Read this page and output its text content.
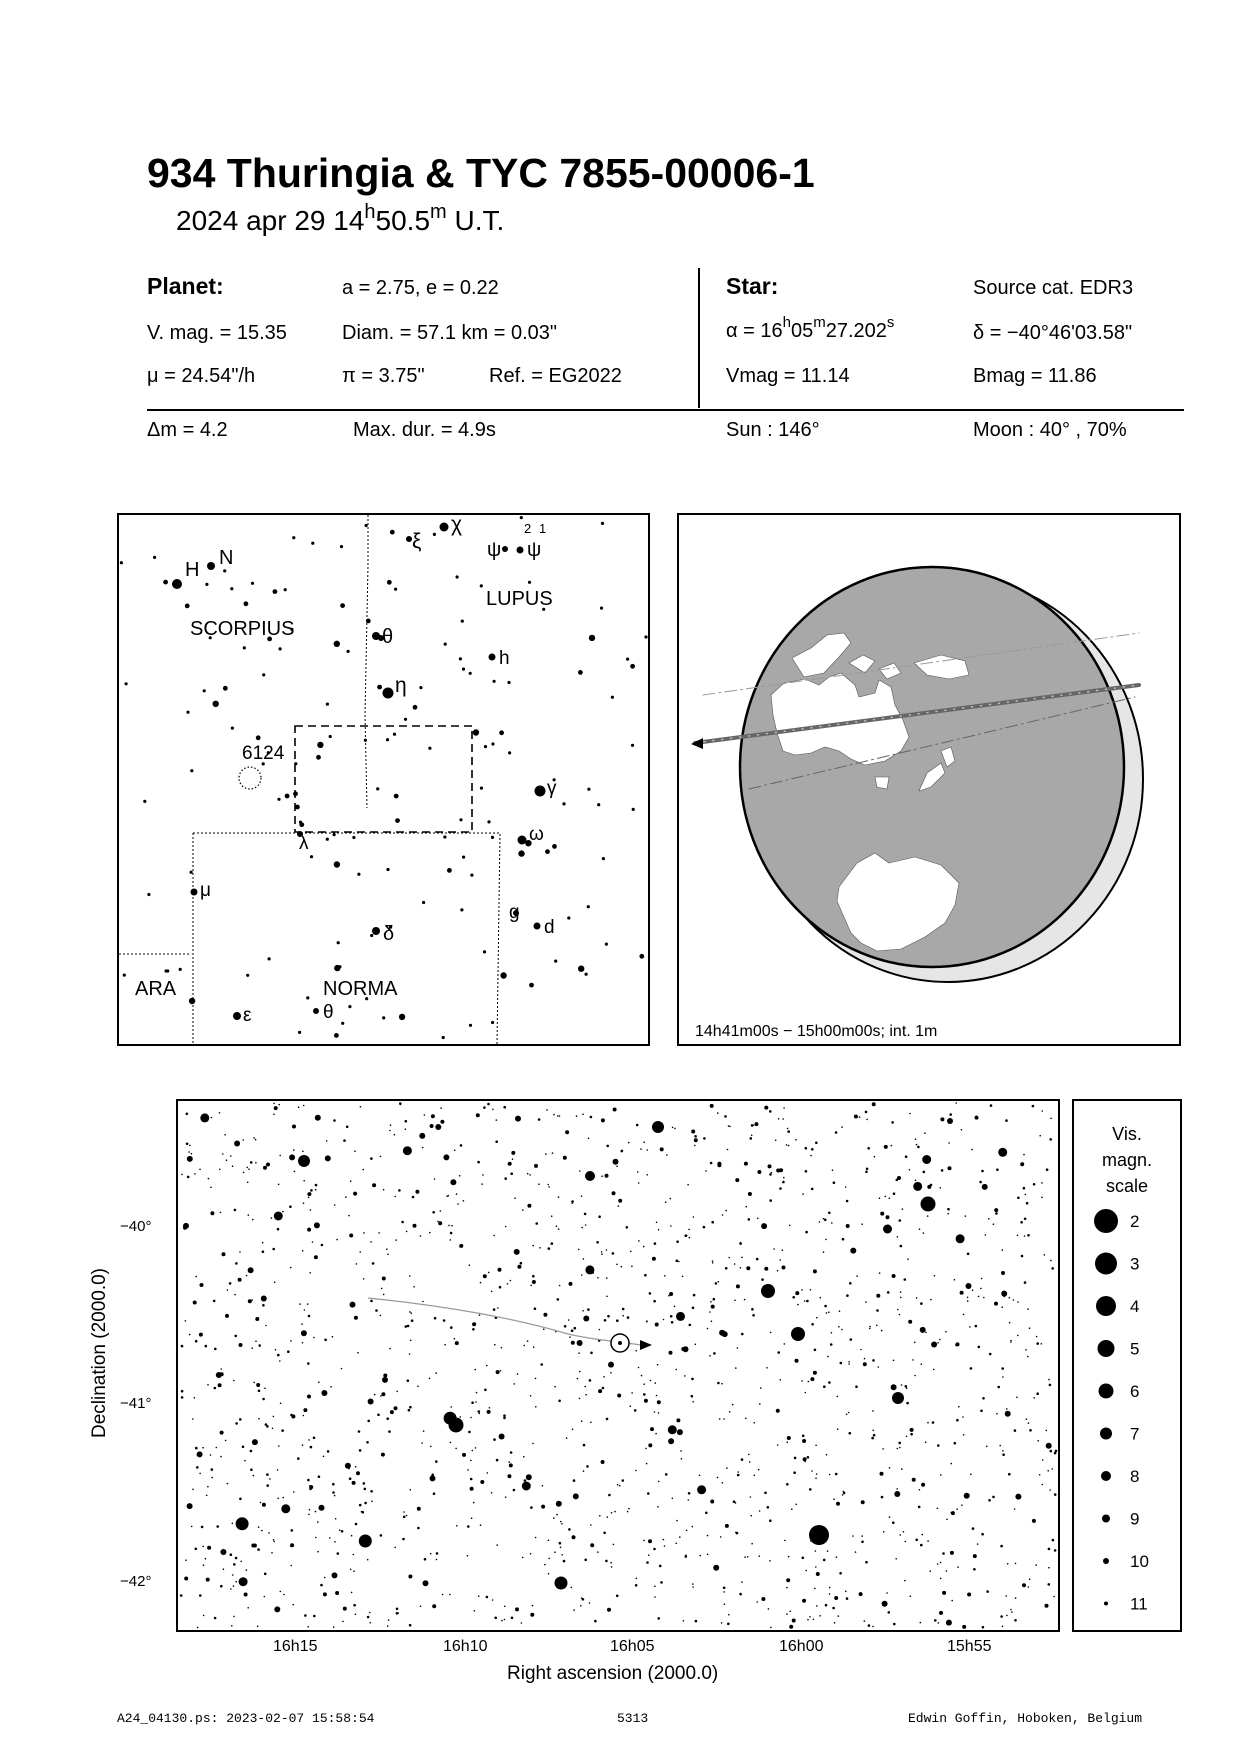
934 Thuringia & TYC 7855-00006-1
2024 apr 29 14$^h$50.5$^m$ U.T.
Planet:	a = 2.75, e = 0.22
V. mag. = 15.35	Diam. = 57.1 km = 0.03"
μ = 24.54"/h	π = 3.75"	Ref. = EG2022
Star:	Source cat. EDR3
$\alpha = 16^h05^m27.202^s$	δ = −40°46'03.58"
Vmag = 11.14	Bmag = 11.86
Δm = 4.2	Max. dur. = 4.9s	Sun : 146°	Moon : 40° , 70%
H
N
ξ
χ	2 1
ψ ψ
SCORPIUS
LUPUS
θ
h
η
6124
γ
λ	ω
μ
g
d
δ
ARA	NORMA
ε	θ
14h41m00s − 15h00m00s; int. 1m
−40°
−41°
−42°
16h15	16h10	16h05	16h00	15h55
Right ascension (2000.0)
Declination (2000.0)
Vis.
magn.
scale
2
3
4
5
6
7
8
9
10
11
A24_04130.ps: 2023-02-07 15:58:54	5313	Edwin Goffin, Hoboken, Belgium
